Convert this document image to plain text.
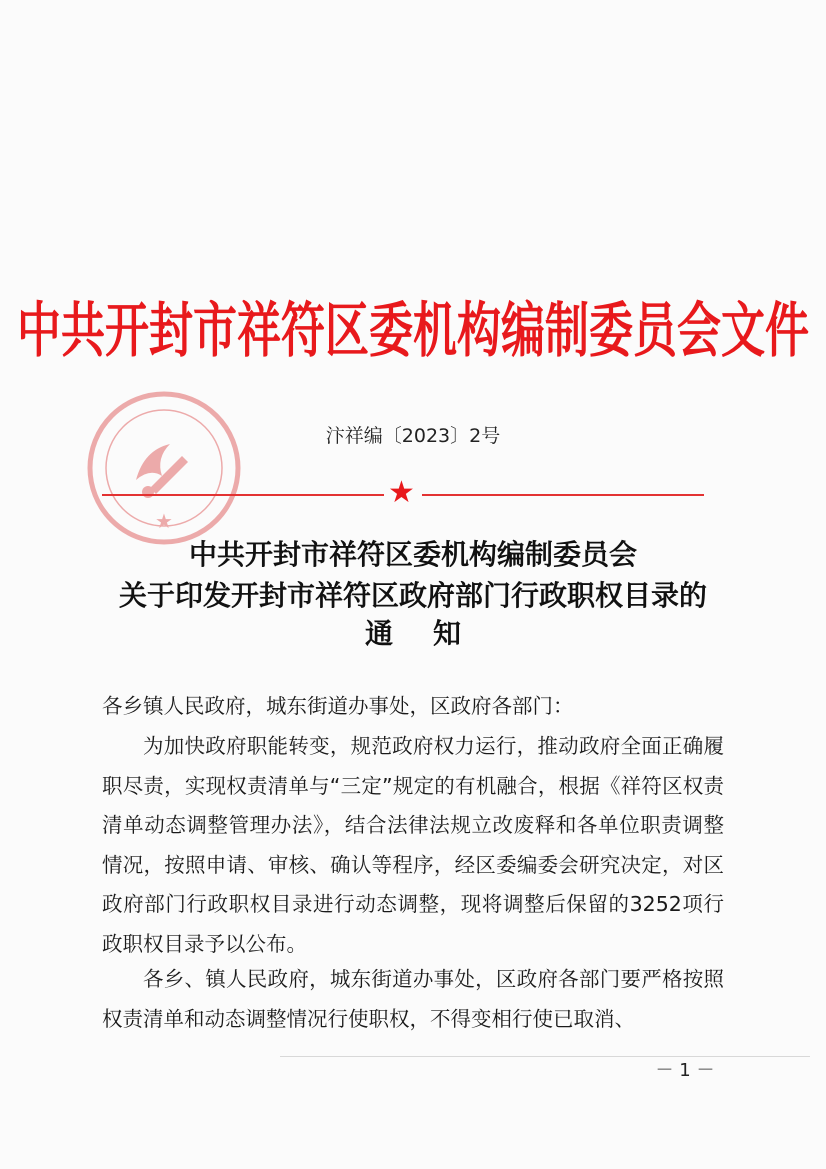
中共开封市祥符区委机构编制委员会文件
★
汴祥编〔2023〕2号
★
中共开封市祥符区委机构编制委员会
关于印发开封市祥符区政府部门行政职权目录的
通知
各乡镇人民政府，城东街道办事处，区政府各部门：
为加快政府职能转变，规范政府权力运行，推动政府全面正确履职尽责，实现权责清单与“三定”规定的有机融合，根据《祥符区权责清单动态调整管理办法》，结合法律法规立改废释和各单位职责调整情况，按照申请、审核、确认等程序，经区委编委会研究决定，对区政府部门行政职权目录进行动态调整，现将调整后保留的3252项行政职权目录予以公布。
各乡、镇人民政府，城东街道办事处，区政府各部门要严格按照权责清单和动态调整情况行使职权，不得变相行使已取消、
－ 1 －
